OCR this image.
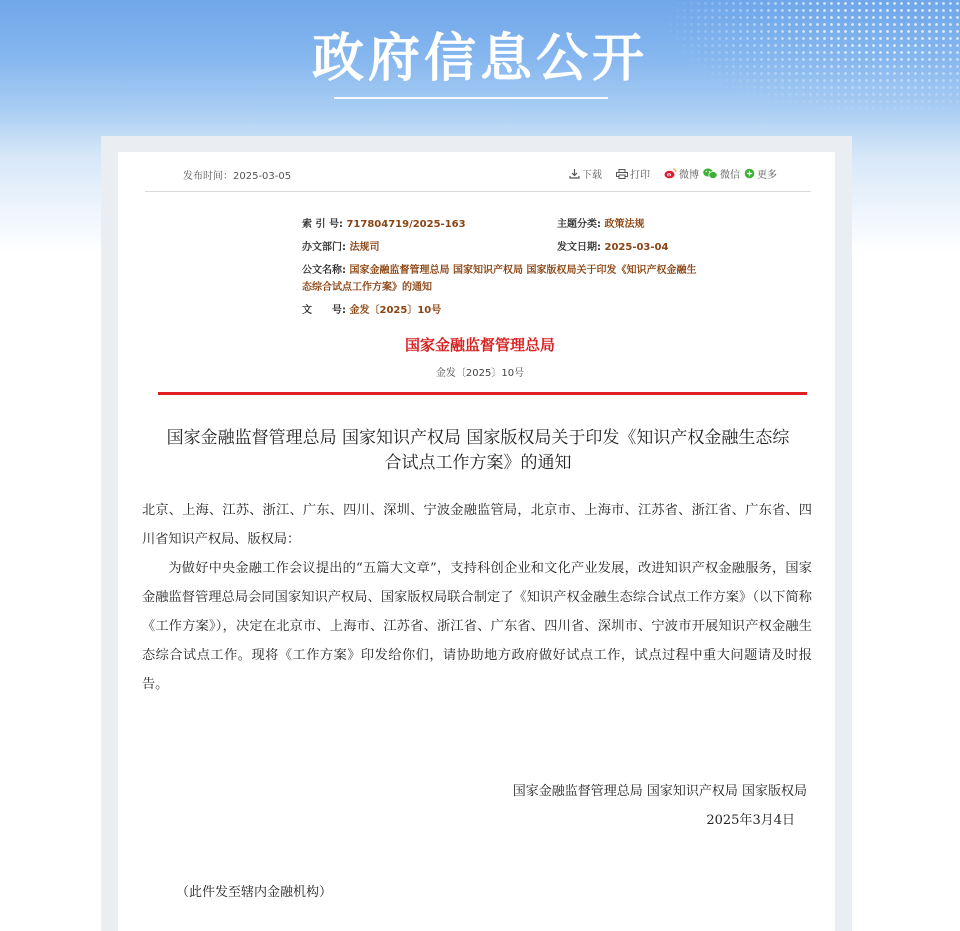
政府信息公开
发布时间：2025-03-05	下载	打印	微博 微信 更多
索 引 号: 717804719/2025-163	主题分类: 政策法规
办文部门: 法规司	发文日期: 2025-03-04
公文名称: 国家金融监督管理总局 国家知识产权局 国家版权局关于印发《知识产权金融生
态综合试点工作方案》的通知
文　　号: 金发〔2025〕10号
国家金融监督管理总局
金发〔2025〕10号
国家金融监督管理总局 国家知识产权局 国家版权局关于印发《知识产权金融生态综
合试点工作方案》的通知

北京、上海、江苏、浙江、广东、四川、深圳、宁波金融监管局，北京市、上海市、江苏省、浙江省、广东省、四川省知识产权局、版权局：

为做好中央金融工作会议提出的“五篇大文章”，支持科创企业和文化产业发展，改进知识产权金融服务，国家金融监督管理总局会同国家知识产权局、国家版权局联合制定了《知识产权金融生态综合试点工作方案》（以下简称《工作方案》），决定在北京市、上海市、江苏省、浙江省、广东省、四川省、深圳市、宁波市开展知识产权金融生态综合试点工作。现将《工作方案》印发给你们，请协助地方政府做好试点工作，试点过程中重大问题请及时报告。

国家金融监督管理总局 国家知识产权局 国家版权局
2025年3月4日
（此件发至辖内金融机构）
